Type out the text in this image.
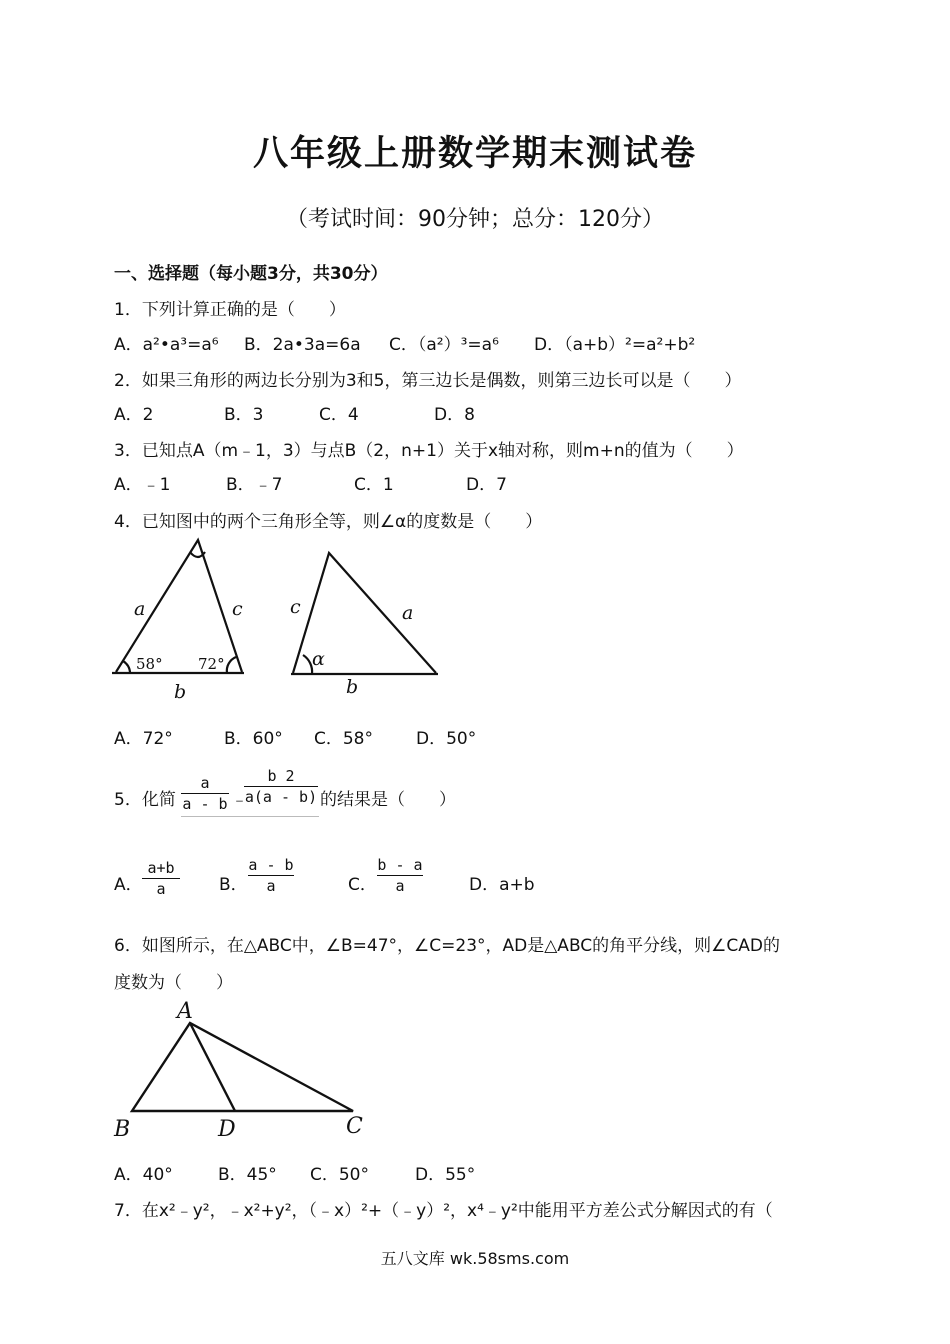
八年级上册数学期末测试卷
（考试时间：90分钟；总分：120分）
一、选择题（每小题3分，共30分）
1．下列计算正确的是（　　）
A．a²•a³=a⁶ B．2a•3a=6a C．（a²）³=a⁶ D．（a+b）²=a²+b²
2．如果三角形的两边长分别为3和5，第三边长是偶数，则第三边长可以是（　　）
A．2	B．3	C．4	D．8
3．已知点A（m﹣1，3）与点B（2，n+1）关于x轴对称，则m+n的值为（　　）
A．﹣1	B．﹣7	C．1	D．7
4．已知图中的两个三角形全等，则∠α的度数是（　　）
a	c
b
c	a
b
α
58° 72°
A．72°	B．60° C．58°	D．50°
5．化简
a
a - b ﹣
b 2
a(a - b) 的结果是（　　）
A．
a+b
a	B．
a - b
a	C．
b - a
a	D．a+b
6．如图所示，在△ABC中，∠B=47°，∠C=23°，AD是△ABC的角平分线，则∠CAD的
度数为（　　）
A
B	D	C
A．40°	B．45° C．50°	D．55°
7．在x²﹣y²，﹣x²+y²，（﹣x）²+（﹣y）²，x⁴﹣y²中能用平方差公式分解因式的有（
五八文库 wk.58sms.com
